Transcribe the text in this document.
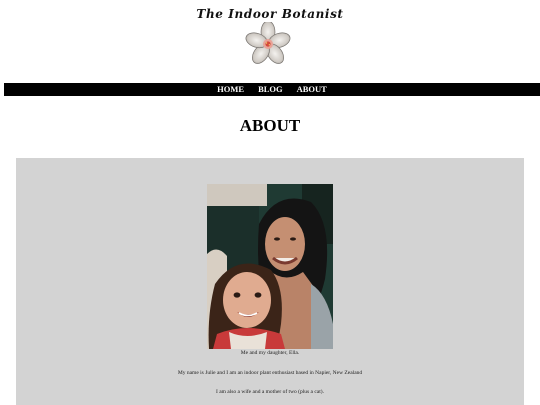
The Indoor Botanist
HOME BLOG ABOUT
ABOUT
Me and my daughter, Ella.
My name is Julie and I am an indoor plant enthusiast based in Napier, New Zealand
I am also a wife and a mother of two (plus a cat).
